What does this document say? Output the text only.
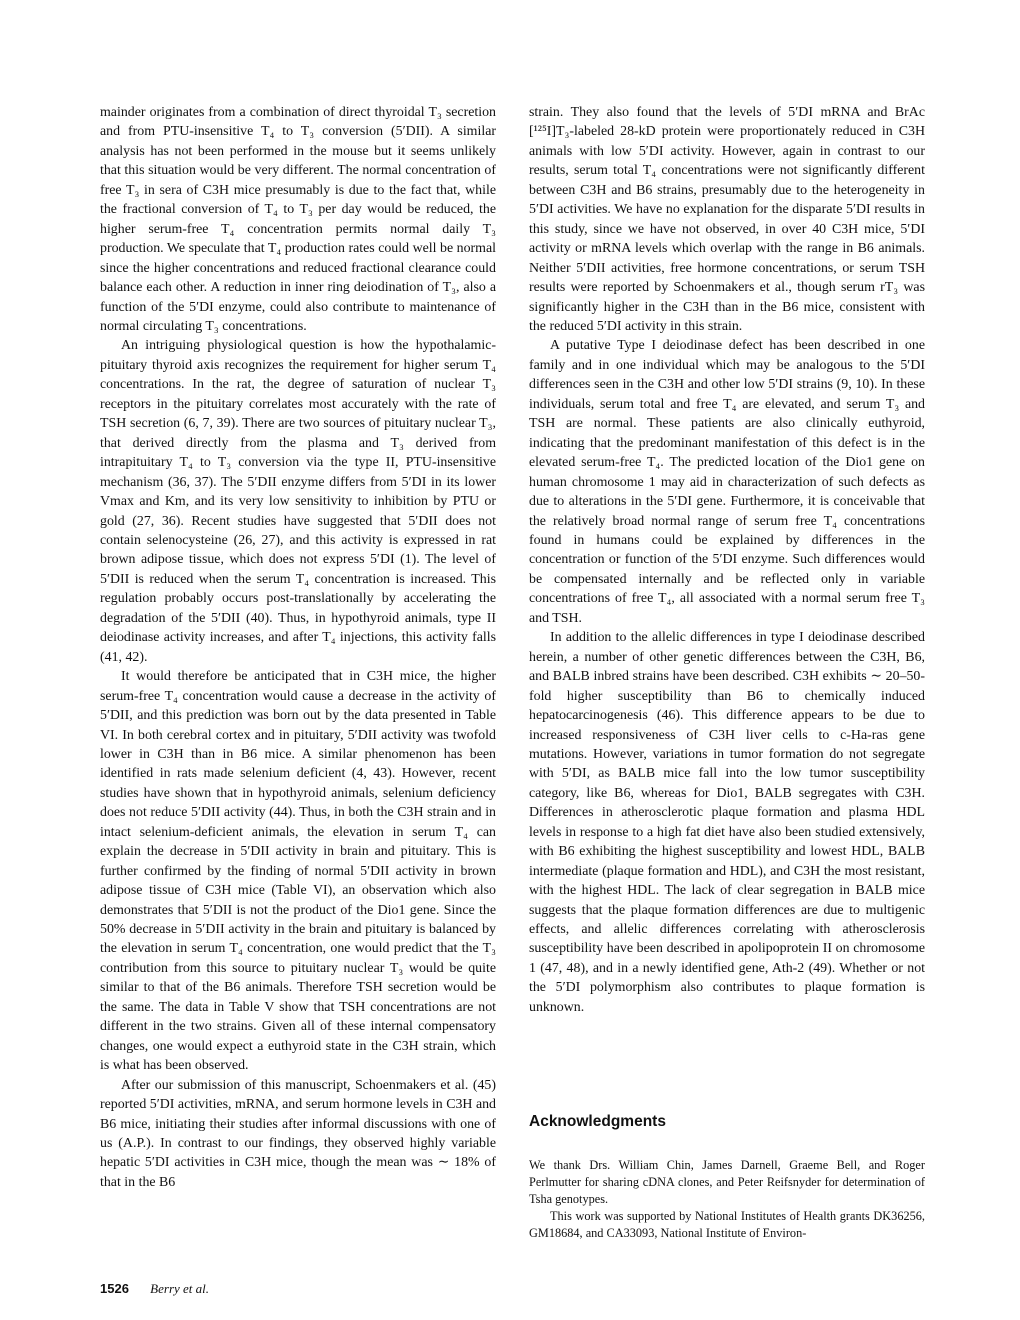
mainder originates from a combination of direct thyroidal T₃ secretion and from PTU-insensitive T₄ to T₃ conversion (5′DII). A similar analysis has not been performed in the mouse but it seems unlikely that this situation would be very different. The normal concentration of free T₃ in sera of C3H mice presumably is due to the fact that, while the fractional conversion of T₄ to T₃ per day would be reduced, the higher serum-free T₄ concentration permits normal daily T₃ production. We speculate that T₄ production rates could well be normal since the higher concentrations and reduced fractional clearance could balance each other. A reduction in inner ring deiodination of T₃, also a function of the 5′DI enzyme, could also contribute to maintenance of normal circulating T₃ concentrations.

An intriguing physiological question is how the hypothalamic-pituitary thyroid axis recognizes the requirement for higher serum T₄ concentrations. In the rat, the degree of saturation of nuclear T₃ receptors in the pituitary correlates most accurately with the rate of TSH secretion (6, 7, 39). There are two sources of pituitary nuclear T₃, that derived directly from the plasma and T₃ derived from intrapituitary T₄ to T₃ conversion via the type II, PTU-insensitive mechanism (36, 37). The 5′DII enzyme differs from 5′DI in its lower Vmax and Km, and its very low sensitivity to inhibition by PTU or gold (27, 36). Recent studies have suggested that 5′DII does not contain selenocysteine (26, 27), and this activity is expressed in rat brown adipose tissue, which does not express 5′DI (1). The level of 5′DII is reduced when the serum T₄ concentration is increased. This regulation probably occurs post-translationally by accelerating the degradation of the 5′DII (40). Thus, in hypothyroid animals, type II deiodinase activity increases, and after T₄ injections, this activity falls (41, 42).

It would therefore be anticipated that in C3H mice, the higher serum-free T₄ concentration would cause a decrease in the activity of 5′DII, and this prediction was born out by the data presented in Table VI. In both cerebral cortex and in pituitary, 5′DII activity was twofold lower in C3H than in B6 mice. A similar phenomenon has been identified in rats made selenium deficient (4, 43). However, recent studies have shown that in hypothyroid animals, selenium deficiency does not reduce 5′DII activity (44). Thus, in both the C3H strain and in intact selenium-deficient animals, the elevation in serum T₄ can explain the decrease in 5′DII activity in brain and pituitary. This is further confirmed by the finding of normal 5′DII activity in brown adipose tissue of C3H mice (Table VI), an observation which also demonstrates that 5′DII is not the product of the Dio1 gene. Since the 50% decrease in 5′DII activity in the brain and pituitary is balanced by the elevation in serum T₄ concentration, one would predict that the T₃ contribution from this source to pituitary nuclear T₃ would be quite similar to that of the B6 animals. Therefore TSH secretion would be the same. The data in Table V show that TSH concentrations are not different in the two strains. Given all of these internal compensatory changes, one would expect a euthyroid state in the C3H strain, which is what has been observed.

After our submission of this manuscript, Schoenmakers et al. (45) reported 5′DI activities, mRNA, and serum hormone levels in C3H and B6 mice, initiating their studies after informal discussions with one of us (A.P.). In contrast to our findings, they observed highly variable hepatic 5′DI activities in C3H mice, though the mean was ∼ 18% of that in the B6

strain. They also found that the levels of 5′DI mRNA and BrAc [¹²⁵I]T₃-labeled 28-kD protein were proportionately reduced in C3H animals with low 5′DI activity. However, again in contrast to our results, serum total T₄ concentrations were not significantly different between C3H and B6 strains, presumably due to the heterogeneity in 5′DI activities. We have no explanation for the disparate 5′DI results in this study, since we have not observed, in over 40 C3H mice, 5′DI activity or mRNA levels which overlap with the range in B6 animals. Neither 5′DII activities, free hormone concentrations, or serum TSH results were reported by Schoenmakers et al., though serum rT₃ was significantly higher in the C3H than in the B6 mice, consistent with the reduced 5′DI activity in this strain.

A putative Type I deiodinase defect has been described in one family and in one individual which may be analogous to the 5′DI differences seen in the C3H and other low 5′DI strains (9, 10). In these individuals, serum total and free T₄ are elevated, and serum T₃ and TSH are normal. These patients are also clinically euthyroid, indicating that the predominant manifestation of this defect is in the elevated serum-free T₄. The predicted location of the Dio1 gene on human chromosome 1 may aid in characterization of such defects as due to alterations in the 5′DI gene. Furthermore, it is conceivable that the relatively broad normal range of serum free T₄ concentrations found in humans could be explained by differences in the concentration or function of the 5′DI enzyme. Such differences would be compensated internally and be reflected only in variable concentrations of free T₄, all associated with a normal serum free T₃ and TSH.

In addition to the allelic differences in type I deiodinase described herein, a number of other genetic differences between the C3H, B6, and BALB inbred strains have been described. C3H exhibits ∼ 20–50-fold higher susceptibility than B6 to chemically induced hepatocarcinogenesis (46). This difference appears to be due to increased responsiveness of C3H liver cells to c-Ha-ras gene mutations. However, variations in tumor formation do not segregate with 5′DI, as BALB mice fall into the low tumor susceptibility category, like B6, whereas for Dio1, BALB segregates with C3H. Differences in atherosclerotic plaque formation and plasma HDL levels in response to a high fat diet have also been studied extensively, with B6 exhibiting the highest susceptibility and lowest HDL, BALB intermediate (plaque formation and HDL), and C3H the most resistant, with the highest HDL. The lack of clear segregation in BALB mice suggests that the plaque formation differences are due to multigenic effects, and allelic differences correlating with atherosclerosis susceptibility have been described in apolipoprotein II on chromosome 1 (47, 48), and in a newly identified gene, Ath-2 (49). Whether or not the 5′DI polymorphism also contributes to plaque formation is unknown.

Acknowledgments

We thank Drs. William Chin, James Darnell, Graeme Bell, and Roger Perlmutter for sharing cDNA clones, and Peter Reifsnyder for determination of Tsha genotypes.

This work was supported by National Institutes of Health grants DK36256, GM18684, and CA33093, National Institute of Environ-

1526 Berry et al.
